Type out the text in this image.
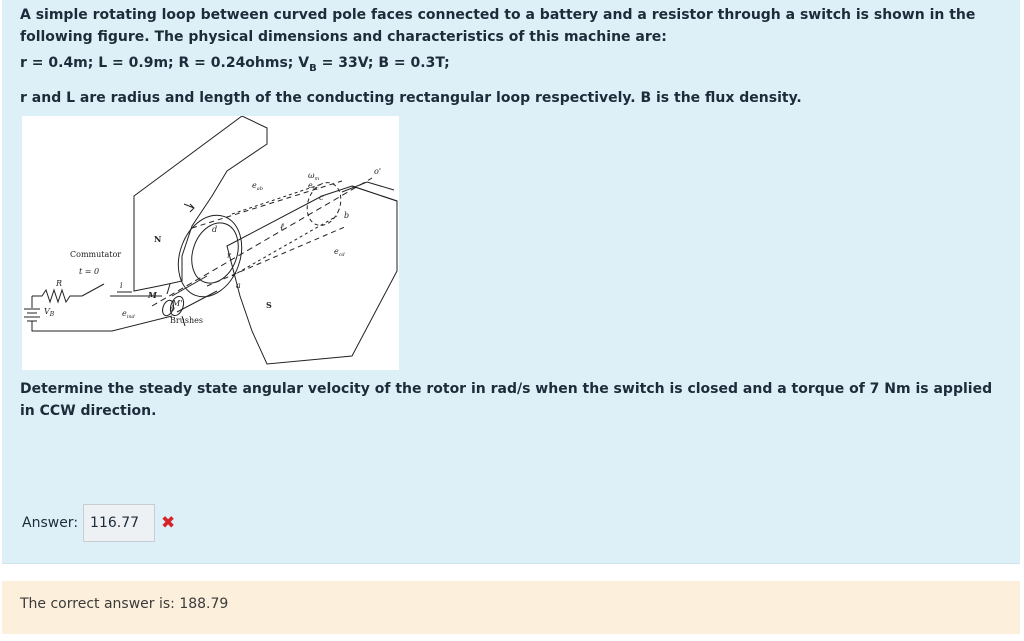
A simple rotating loop between curved pole faces connected to a battery and a resistor through a switch is shown in the following figure. The physical dimensions and characteristics of this machine are:

r = 0.4m; L = 0.9m; R = 0.24ohms; $V_B = 33V$; B = 0.3T;

r and L are radius and length of the conducting rectangular loop respectively. B is the flux density.

Commutator
t = 0
R
$V_B$
i
M
M'
$e_{ind}$	Brushes
N
S
a
b
c
d
r
o
o'
$e_{ab}$
$e_{cd}$
$e_{bc}$
$\omega_m$
ℓ

Determine the steady state angular velocity of the rotor in rad/s when the switch is closed and a torque of 7 Nm is applied in CCW direction.

Answer:
116.77	✖
The correct answer is: 188.79
